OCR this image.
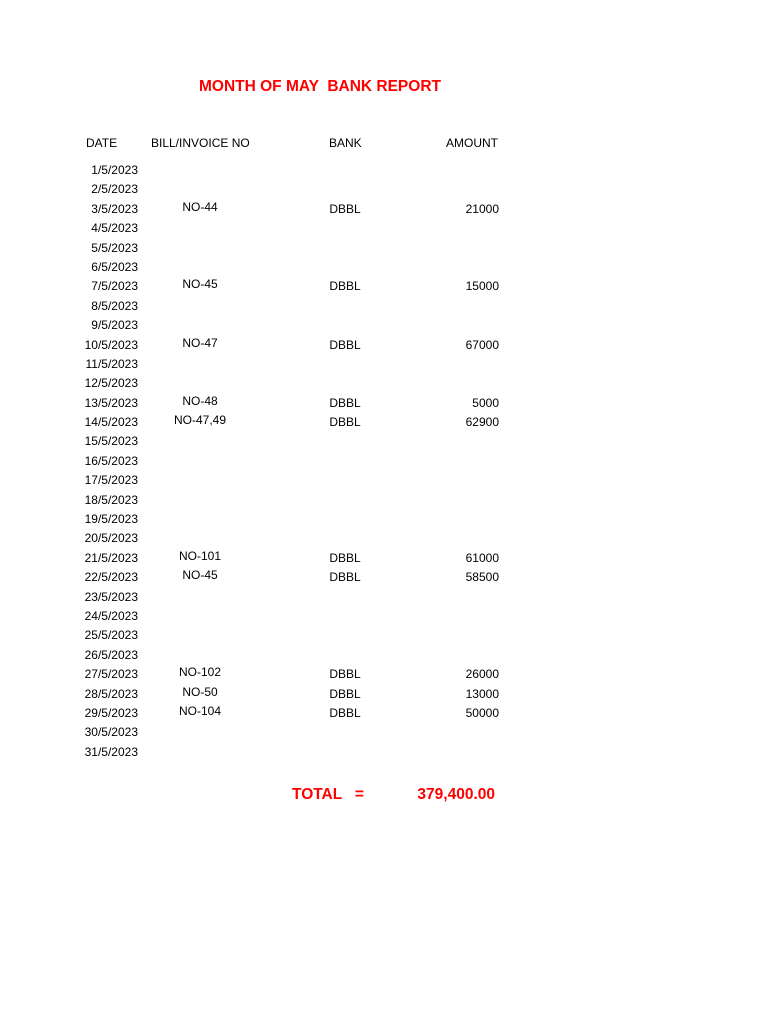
MONTH OF MAY  BANK REPORT
DATE	BILL/INVOICE NO	BANK	AMOUNT
1/5/2023
2/5/2023
3/5/2023	NO-44	DBBL	21000
4/5/2023
5/5/2023
6/5/2023
7/5/2023	NO-45	DBBL	15000
8/5/2023
9/5/2023
10/5/2023	NO-47	DBBL	67000
11/5/2023
12/5/2023
13/5/2023	NO-48	DBBL	5000
14/5/2023	NO-47,49	DBBL	62900
15/5/2023
16/5/2023
17/5/2023
18/5/2023
19/5/2023
20/5/2023
21/5/2023	NO-101	DBBL	61000
22/5/2023	NO-45	DBBL	58500
23/5/2023
24/5/2023
25/5/2023
26/5/2023
27/5/2023	NO-102	DBBL	26000
28/5/2023	NO-50	DBBL	13000
29/5/2023	NO-104	DBBL	50000
30/5/2023
31/5/2023
TOTAL   =	379,400.00
